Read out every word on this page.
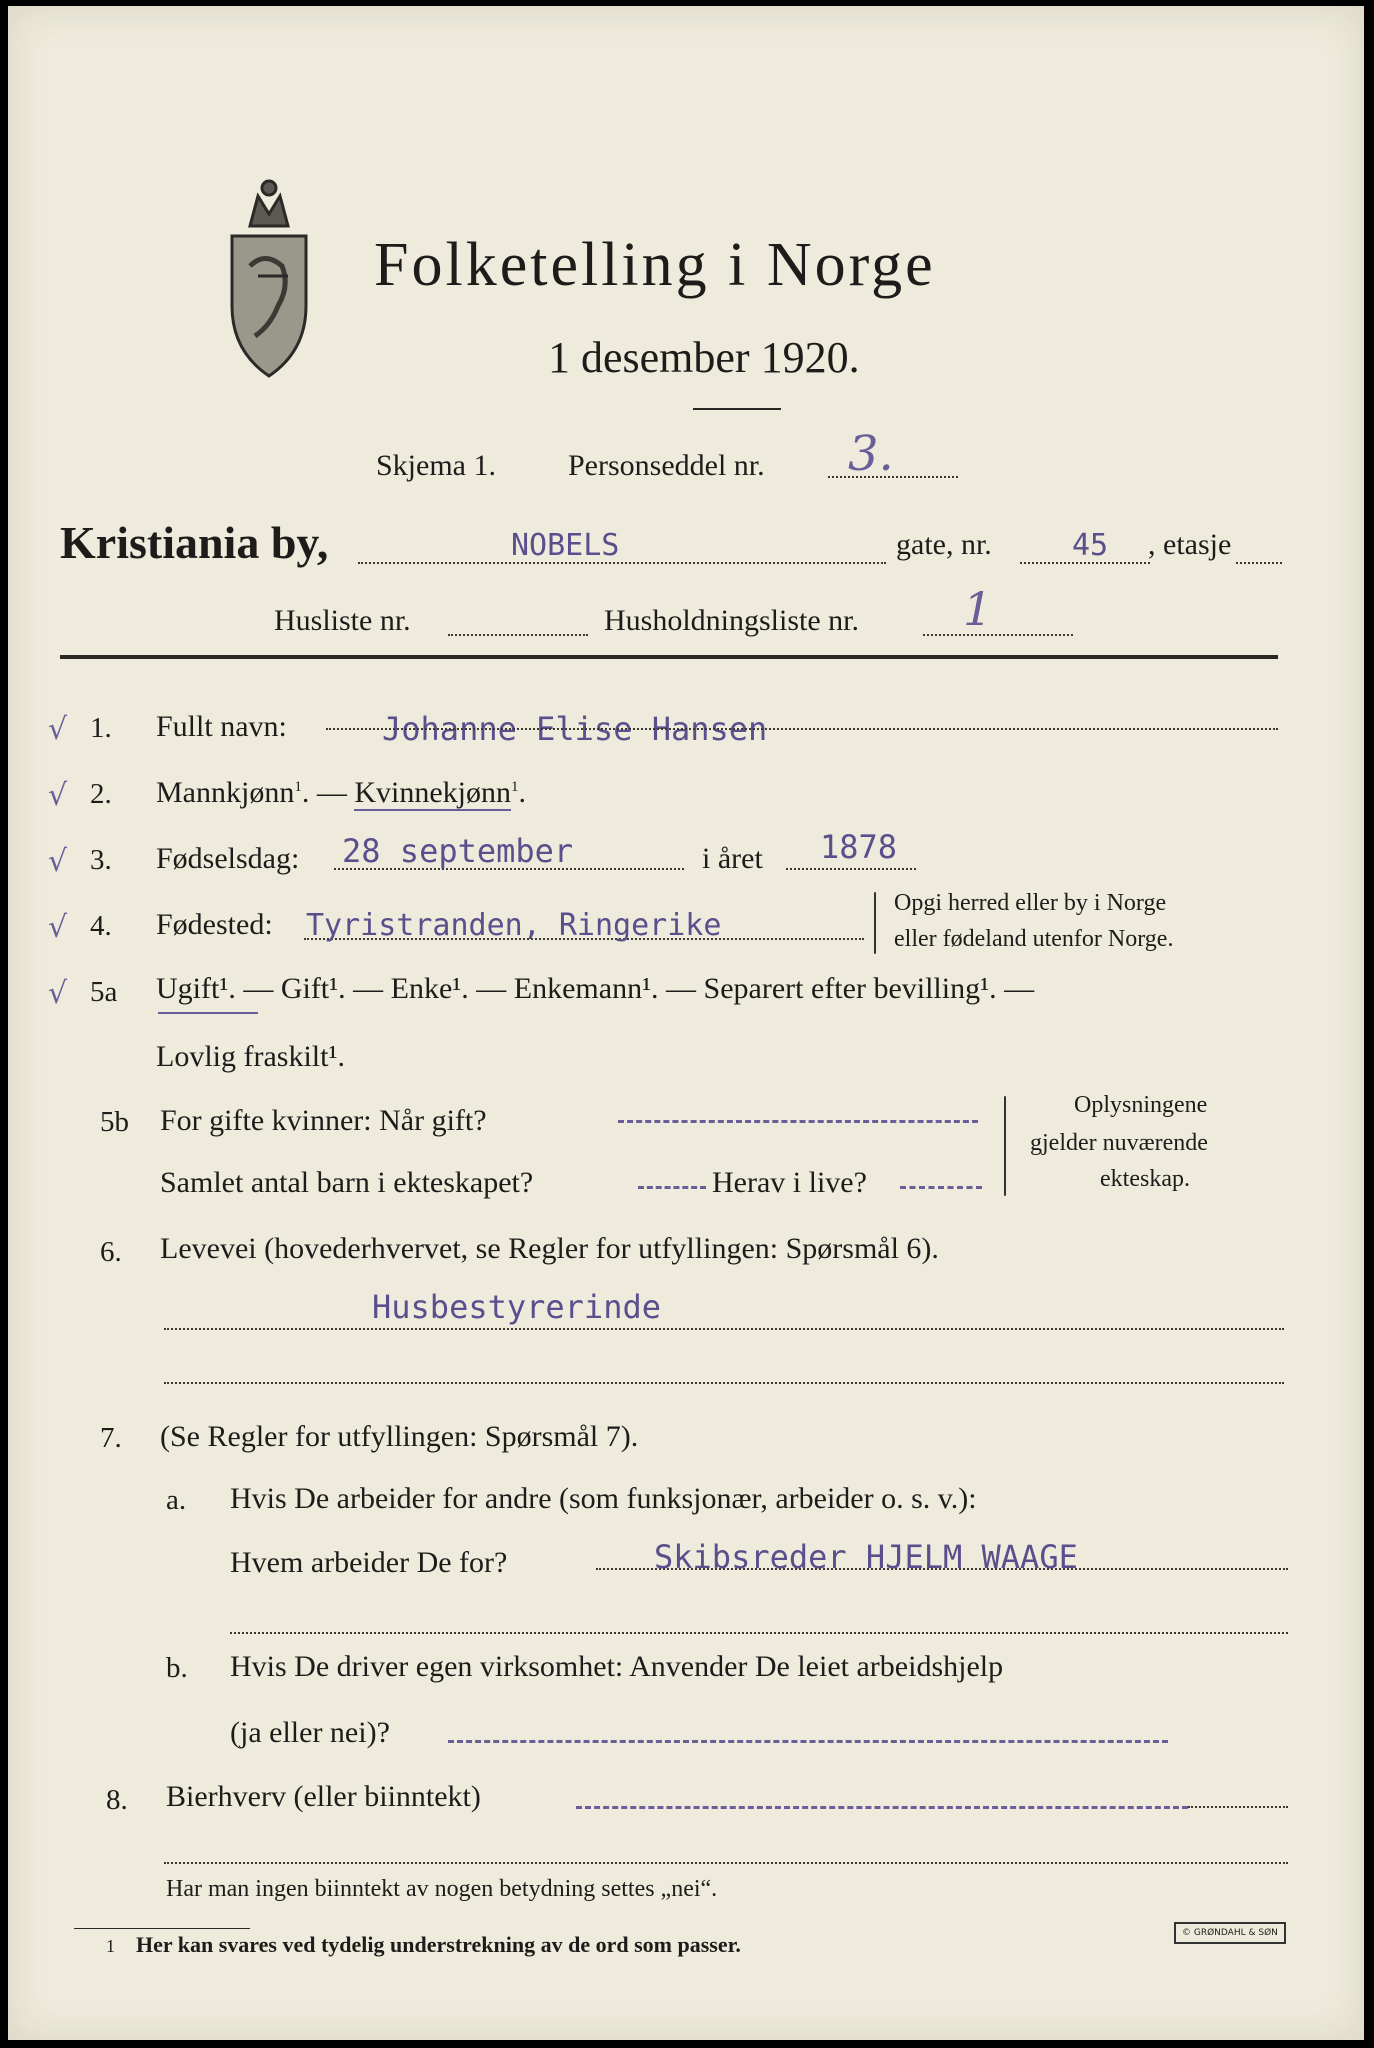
Folketelling i Norge
1 desember 1920.
Skjema 1. Personseddel nr. 3.
Kristiania by,	NOBELS	gate, nr.	45 , etasje
Husliste nr.	Husholdningsliste nr. 1
√ 1. Fullt navn:	Johanne Elise Hansen
√ 2. Mannkjønn$^1$. — Kvinnekjønn$^1$.
√ 3. Fødselsdag: 28 september	i året 1878
√ 4. Fødested: Tyristranden, Ringerike
Opgi herred eller by i Norge
eller fødeland utenfor Norge.
√ 5a Ugift¹. — Gift¹. — Enke¹. — Enkemann¹. — Separert efter bevilling¹. —
Lovlig fraskilt¹.
5b For gifte kvinner: Når gift?
Samlet antal barn i ekteskapet?	Herav i live?
Oplysningene
gjelder nuværende
ekteskap.
6. Levevei (hovederhvervet, se Regler for utfyllingen: Spørsmål 6).
Husbestyrerinde
7. (Se Regler for utfyllingen: Spørsmål 7).
a. Hvis De arbeider for andre (som funksjonær, arbeider o. s. v.):
Hvem arbeider De for?	Skibsreder HJELM WAAGE
b. Hvis De driver egen virksomhet: Anvender De leiet arbeidshjelp
(ja eller nei)?
8. Bierhverv (eller biinntekt)
Har man ingen biinntekt av nogen betydning settes „nei“.
1 Her kan svares ved tydelig understrekning av de ord som passer.	© GRØNDAHL & SØN
